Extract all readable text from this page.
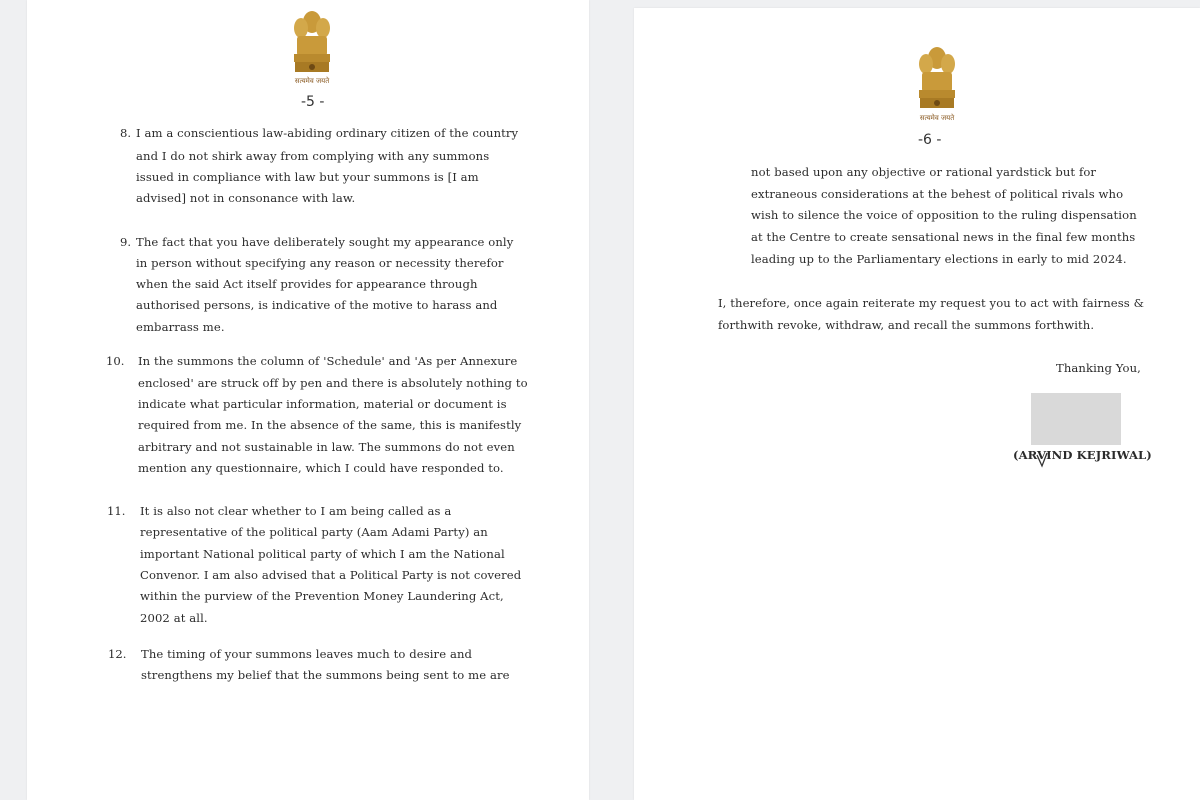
सत्यमेव जयते
-5 -
8. I am a conscientious law-abiding ordinary citizen of the country
and I do not shirk away from complying with any summons
issued in compliance with law but your summons is [I am
advised] not in consonance with law.
9. The fact that you have deliberately sought my appearance only
in person without specifying any reason or necessity therefor
when the said Act itself provides for appearance through
authorised persons, is indicative of the motive to harass and
embarrass me.
10. In the summons the column of 'Schedule' and 'As per Annexure
enclosed' are struck off by pen and there is absolutely nothing to
indicate what particular information, material or document is
required from me. In the absence of the same, this is manifestly
arbitrary and not sustainable in law. The summons do not even
mention any questionnaire, which I could have responded to.
11. It is also not clear whether to I am being called as a
representative of the political party (Aam Adami Party) an
important National political party of which I am the National
Convenor. I am also advised that a Political Party is not covered
within the purview of the Prevention Money Laundering Act,
2002 at all.
12. The timing of your summons leaves much to desire and
strengthens my belief that the summons being sent to me are
सत्यमेव जयते
-6 -
not based upon any objective or rational yardstick but for
extraneous considerations at the behest of political rivals who
wish to silence the voice of opposition to the ruling dispensation
at the Centre to create sensational news in the final few months
leading up to the Parliamentary elections in early to mid 2024.
I, therefore, once again reiterate my request you to act with fairness &
forthwith revoke, withdraw, and recall the summons forthwith.
Thanking You,
(ARVIND KEJRIWAL)
